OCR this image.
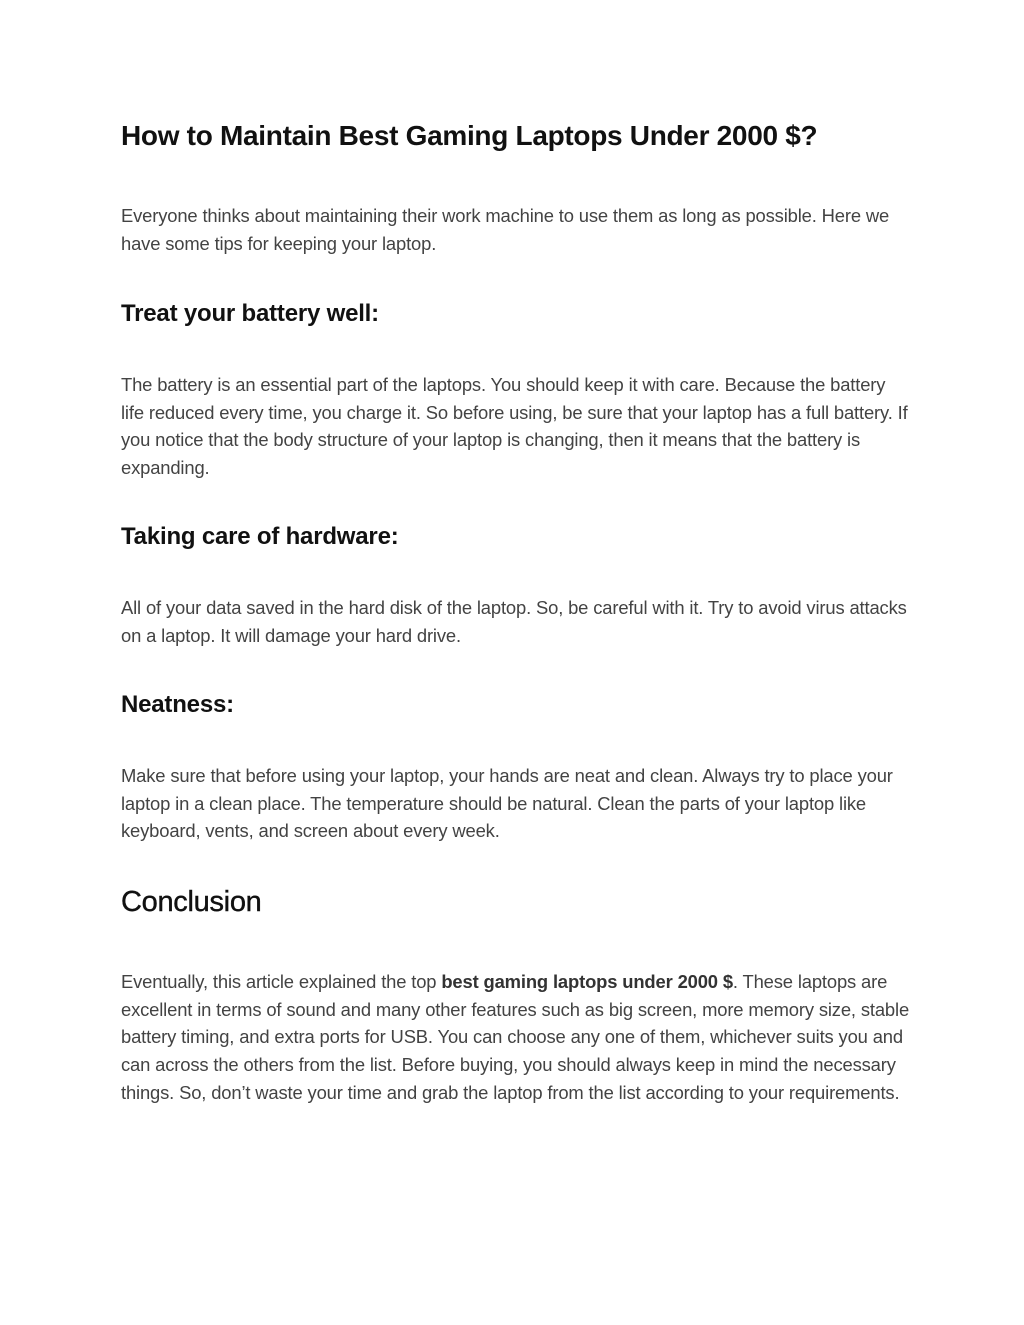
How to Maintain Best Gaming Laptops Under 2000 $?

Everyone thinks about maintaining their work machine to use them as long as possible. Here we have some tips for keeping your laptop.

Treat your battery well:

The battery is an essential part of the laptops. You should keep it with care. Because the battery life reduced every time, you charge it. So before using, be sure that your laptop has a full battery. If you notice that the body structure of your laptop is changing, then it means that the battery is expanding.

Taking care of hardware:

All of your data saved in the hard disk of the laptop. So, be careful with it. Try to avoid virus attacks on a laptop. It will damage your hard drive.

Neatness:

Make sure that before using your laptop, your hands are neat and clean. Always try to place your laptop in a clean place. The temperature should be natural. Clean the parts of your laptop like keyboard, vents, and screen about every week.

Conclusion

Eventually, this article explained the top best gaming laptops under 2000 $. These laptops are excellent in terms of sound and many other features such as big screen, more memory size, stable battery timing, and extra ports for USB. You can choose any one of them, whichever suits you and can across the others from the list. Before buying, you should always keep in mind the necessary things. So, don’t waste your time and grab the laptop from the list according to your requirements.
